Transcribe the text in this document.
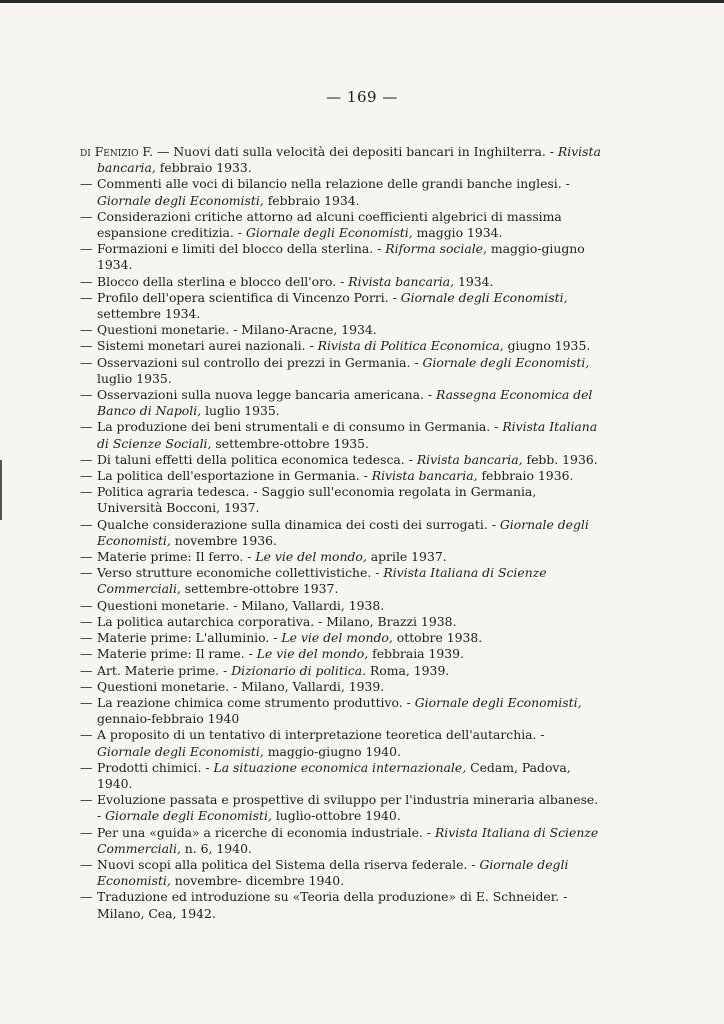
— 169 —

di Fenizio F. — Nuovi dati sulla velocità dei depositi bancari in Inghilterra. - Rivista bancaria, febbraio 1933.

— Commenti alle voci di bilancio nella relazione delle grandi banche inglesi. - Giornale degli Economisti, febbraio 1934.

— Considerazioni critiche attorno ad alcuni coefficienti algebrici di massima espansione creditizia. - Giornale degli Economisti, maggio 1934.

— Formazioni e limiti del blocco della sterlina. - Riforma sociale, maggio-giugno 1934.

— Blocco della sterlina e blocco dell'oro. - Rivista bancaria, 1934.

— Profilo dell'opera scientifica di Vincenzo Porri. - Giornale degli Economisti, settembre 1934.

— Questioni monetarie. - Milano-Aracne, 1934.

— Sistemi monetari aurei nazionali. - Rivista di Politica Economica, giugno 1935.

— Osservazioni sul controllo dei prezzi in Germania. - Giornale degli Economisti, luglio 1935.

— Osservazioni sulla nuova legge bancaria americana. - Rassegna Economica del Banco di Napoli, luglio 1935.

— La produzione dei beni strumentali e di consumo in Germania. - Rivista Italiana di Scienze Sociali, settembre-ottobre 1935.

— Di taluni effetti della politica economica tedesca. - Rivista bancaria, febb. 1936.

— La politica dell'esportazione in Germania. - Rivista bancaria, febbraio 1936.

— Politica agraria tedesca. - Saggio sull'economia regolata in Germania, Università Bocconi, 1937.

— Qualche considerazione sulla dinamica dei costi dei surrogati. - Giornale degli Economisti, novembre 1936.

— Materie prime: Il ferro. - Le vie del mondo, aprile 1937.

— Verso strutture economiche collettivistiche. - Rivista Italiana di Scienze Commerciali, settembre-ottobre 1937.

— Questioni monetarie. - Milano, Vallardi, 1938.

— La politica autarchica corporativa. - Milano, Brazzi 1938.

— Materie prime: L'alluminio. - Le vie del mondo, ottobre 1938.

— Materie prime: Il rame. - Le vie del mondo, febbraia 1939.

— Art. Materie prime. - Dizionario di politica. Roma, 1939.

— Questioni monetarie. - Milano, Vallardi, 1939.

— La reazione chimica come strumento produttivo. - Giornale degli Economisti, gennaio-febbraio 1940

— A proposito di un tentativo di interpretazione teoretica dell'autarchia. - Giornale degli Economisti, maggio-giugno 1940.

— Prodotti chimici. - La situazione economica internazionale, Cedam, Padova, 1940.

— Evoluzione passata e prospettive di sviluppo per l'industria mineraria albanese. - Giornale degli Economisti, luglio-ottobre 1940.

— Per una «guida» a ricerche di economia industriale. - Rivista Italiana di Scienze Commerciali, n. 6, 1940.

— Nuovi scopi alla politica del Sistema della riserva federale. - Giornale degli Economisti, novembre- dicembre 1940.

— Traduzione ed introduzione su «Teoria della produzione» di E. Schneider. - Milano, Cea, 1942.
